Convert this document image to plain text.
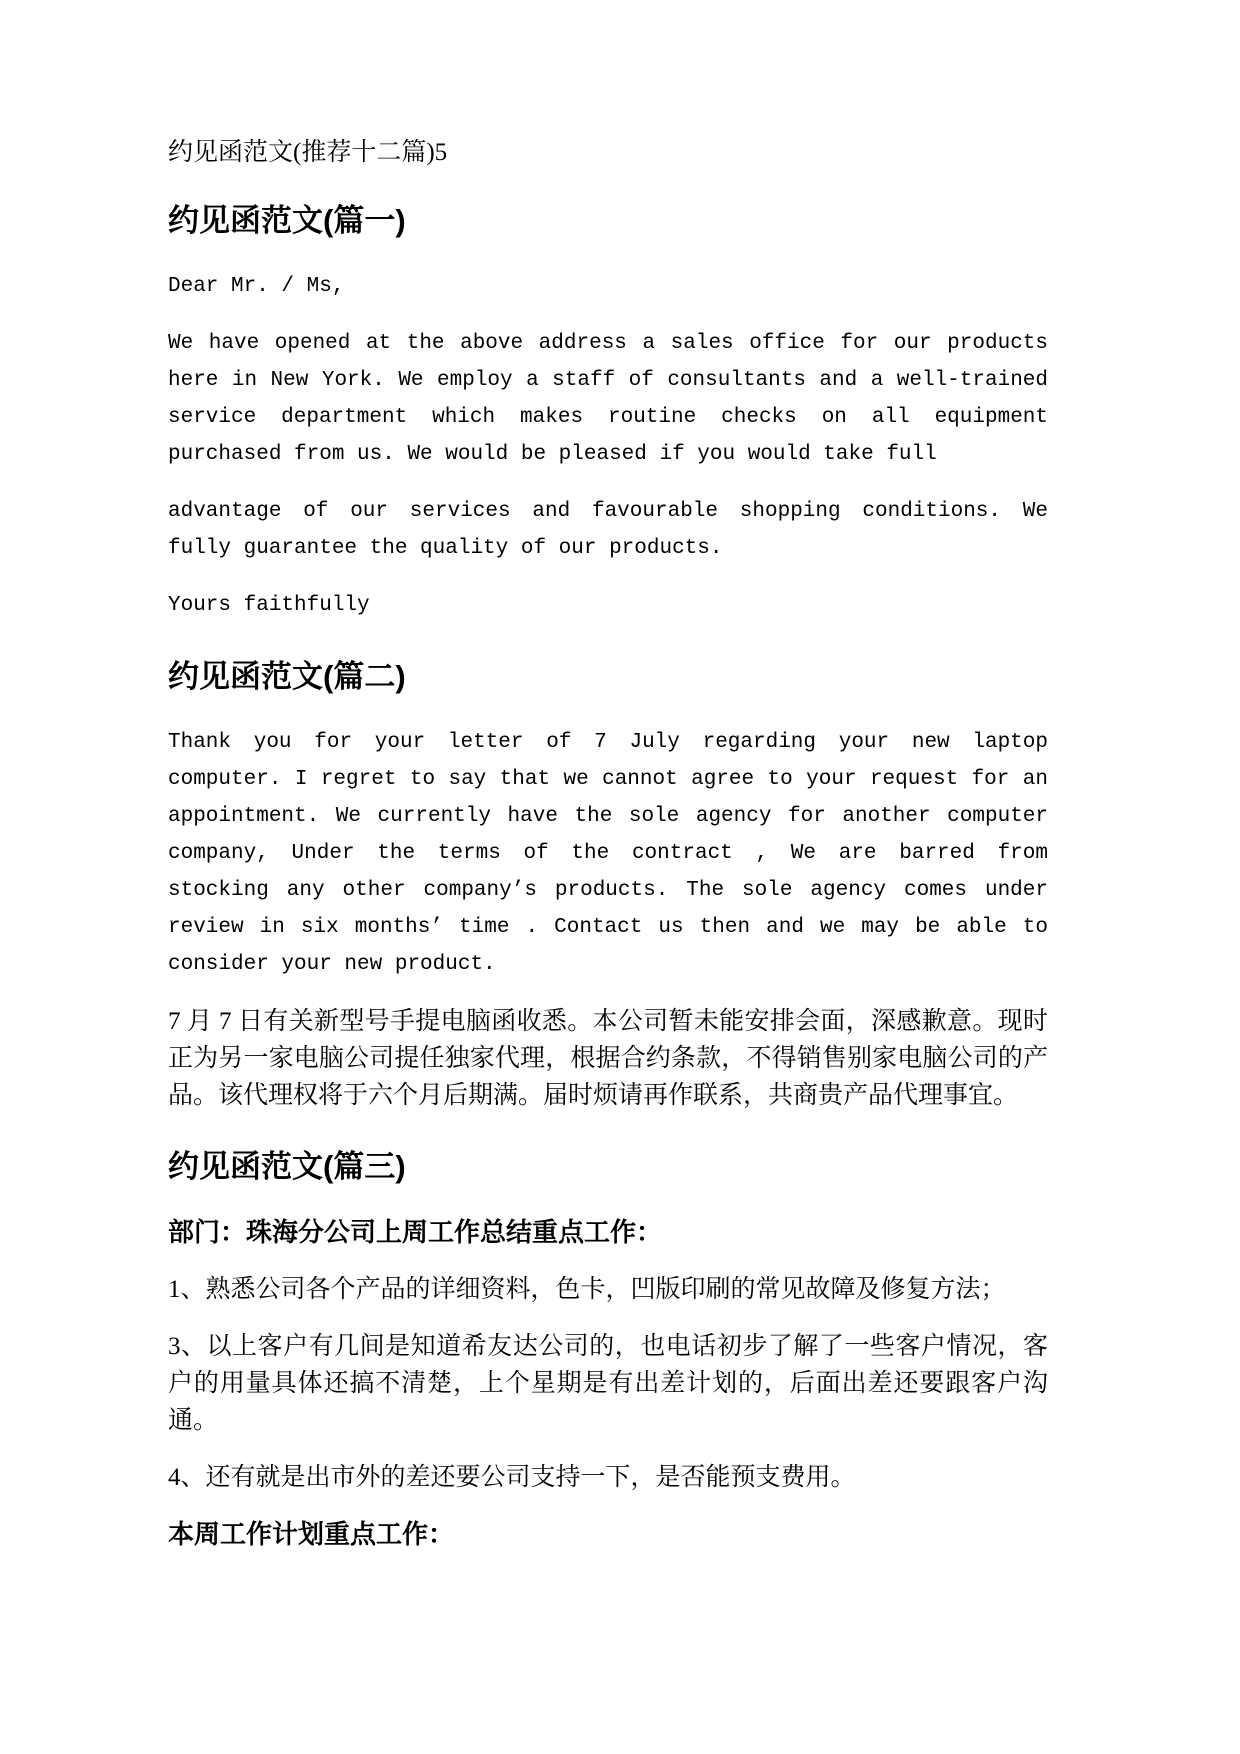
约见函范文(推荐十二篇)5

约见函范文(篇一)

Dear Mr. / Ms,

We have opened at the above address a sales office for our products here in New York. We employ a staff of consultants and a well-trained service department which makes routine checks on all equipment purchased from us. We would be pleased if you would take full

advantage of our services and favourable shopping conditions. We fully guarantee the quality of our products.

Yours faithfully

约见函范文(篇二)

Thank you for your letter of 7 July regarding your new laptop computer. I regret to say that we cannot agree to your request for an appointment. We currently have the sole agency for another computer company, Under the terms of the contract , We are barred from stocking any other company’s products. The sole agency comes under review in six months’ time . Contact us then and we may be able to consider your new product.

7 月 7 日有关新型号手提电脑函收悉。本公司暂未能安排会面，深感歉意。现时正为另一家电脑公司提任独家代理，根据合约条款，不得销售别家电脑公司的产品。该代理权将于六个月后期满。届时烦请再作联系，共商贵产品代理事宜。

约见函范文(篇三)

部门：珠海分公司上周工作总结重点工作：

1、熟悉公司各个产品的详细资料，色卡，凹版印刷的常见故障及修复方法；

3、以上客户有几间是知道希友达公司的，也电话初步了解了一些客户情况，客户的用量具体还搞不清楚，上个星期是有出差计划的，后面出差还要跟客户沟通。

4、还有就是出市外的差还要公司支持一下，是否能预支费用。

本周工作计划重点工作：
